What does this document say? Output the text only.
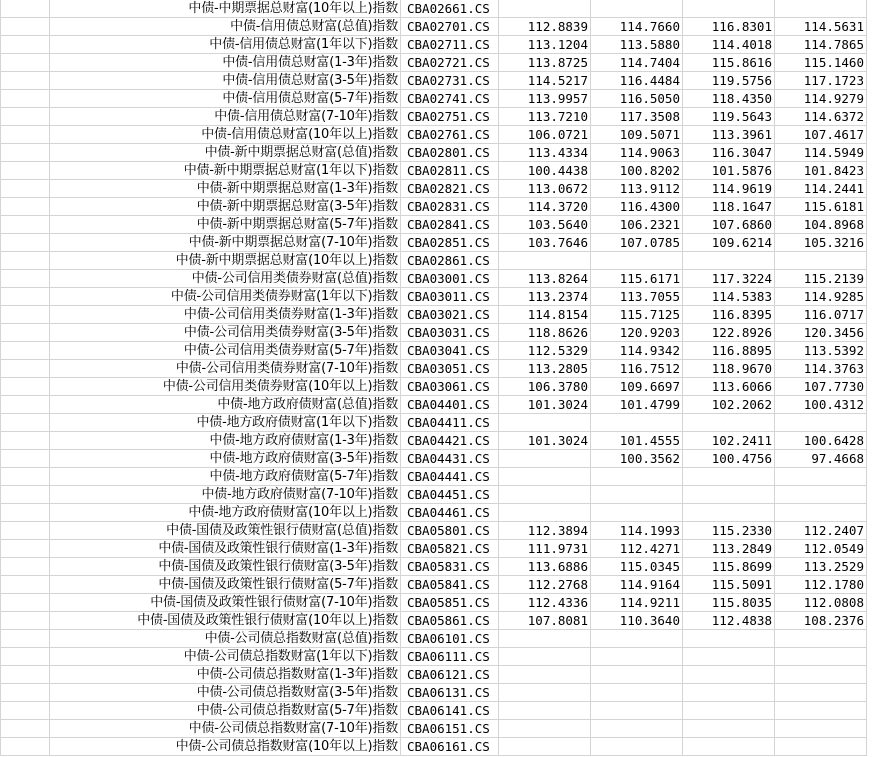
	中债-中期票据总财富(10年以上)指数	CBA02661.CS				
	中债-信用债总财富(总值)指数	CBA02701.CS	112.8839	114.7660	116.8301	114.5631
	中债-信用债总财富(1年以下)指数	CBA02711.CS	113.1204	113.5880	114.4018	114.7865
	中债-信用债总财富(1-3年)指数	CBA02721.CS	113.8725	114.7404	115.8616	115.1460
	中债-信用债总财富(3-5年)指数	CBA02731.CS	114.5217	116.4484	119.5756	117.1723
	中债-信用债总财富(5-7年)指数	CBA02741.CS	113.9957	116.5050	118.4350	114.9279
	中债-信用债总财富(7-10年)指数	CBA02751.CS	113.7210	117.3508	119.5643	114.6372
	中债-信用债总财富(10年以上)指数	CBA02761.CS	106.0721	109.5071	113.3961	107.4617
	中债-新中期票据总财富(总值)指数	CBA02801.CS	113.4334	114.9063	116.3047	114.5949
	中债-新中期票据总财富(1年以下)指数	CBA02811.CS	100.4438	100.8202	101.5876	101.8423
	中债-新中期票据总财富(1-3年)指数	CBA02821.CS	113.0672	113.9112	114.9619	114.2441
	中债-新中期票据总财富(3-5年)指数	CBA02831.CS	114.3720	116.4300	118.1647	115.6181
	中债-新中期票据总财富(5-7年)指数	CBA02841.CS	103.5640	106.2321	107.6860	104.8968
	中债-新中期票据总财富(7-10年)指数	CBA02851.CS	103.7646	107.0785	109.6214	105.3216
	中债-新中期票据总财富(10年以上)指数	CBA02861.CS				
	中债-公司信用类债券财富(总值)指数	CBA03001.CS	113.8264	115.6171	117.3224	115.2139
	中债-公司信用类债券财富(1年以下)指数	CBA03011.CS	113.2374	113.7055	114.5383	114.9285
	中债-公司信用类债券财富(1-3年)指数	CBA03021.CS	114.8154	115.7125	116.8395	116.0717
	中债-公司信用类债券财富(3-5年)指数	CBA03031.CS	118.8626	120.9203	122.8926	120.3456
	中债-公司信用类债券财富(5-7年)指数	CBA03041.CS	112.5329	114.9342	116.8895	113.5392
	中债-公司信用类债券财富(7-10年)指数	CBA03051.CS	113.2805	116.7512	118.9670	114.3763
	中债-公司信用类债券财富(10年以上)指数	CBA03061.CS	106.3780	109.6697	113.6066	107.7730
	中债-地方政府债财富(总值)指数	CBA04401.CS	101.3024	101.4799	102.2062	100.4312
	中债-地方政府债财富(1年以下)指数	CBA04411.CS				
	中债-地方政府债财富(1-3年)指数	CBA04421.CS	101.3024	101.4555	102.2411	100.6428
	中债-地方政府债财富(3-5年)指数	CBA04431.CS		100.3562	100.4756	97.4668
	中债-地方政府债财富(5-7年)指数	CBA04441.CS				
	中债-地方政府债财富(7-10年)指数	CBA04451.CS				
	中债-地方政府债财富(10年以上)指数	CBA04461.CS				
	中债-国债及政策性银行债财富(总值)指数	CBA05801.CS	112.3894	114.1993	115.2330	112.2407
	中债-国债及政策性银行债财富(1-3年)指数	CBA05821.CS	111.9731	112.4271	113.2849	112.0549
	中债-国债及政策性银行债财富(3-5年)指数	CBA05831.CS	113.6886	115.0345	115.8699	113.2529
	中债-国债及政策性银行债财富(5-7年)指数	CBA05841.CS	112.2768	114.9164	115.5091	112.1780
	中债-国债及政策性银行债财富(7-10年)指数	CBA05851.CS	112.4336	114.9211	115.8035	112.0808
	中债-国债及政策性银行债财富(10年以上)指数	CBA05861.CS	107.8081	110.3640	112.4838	108.2376
	中债-公司债总指数财富(总值)指数	CBA06101.CS				
	中债-公司债总指数财富(1年以下)指数	CBA06111.CS				
	中债-公司债总指数财富(1-3年)指数	CBA06121.CS				
	中债-公司债总指数财富(3-5年)指数	CBA06131.CS				
	中债-公司债总指数财富(5-7年)指数	CBA06141.CS				
	中债-公司债总指数财富(7-10年)指数	CBA06151.CS				
	中债-公司债总指数财富(10年以上)指数	CBA06161.CS				
